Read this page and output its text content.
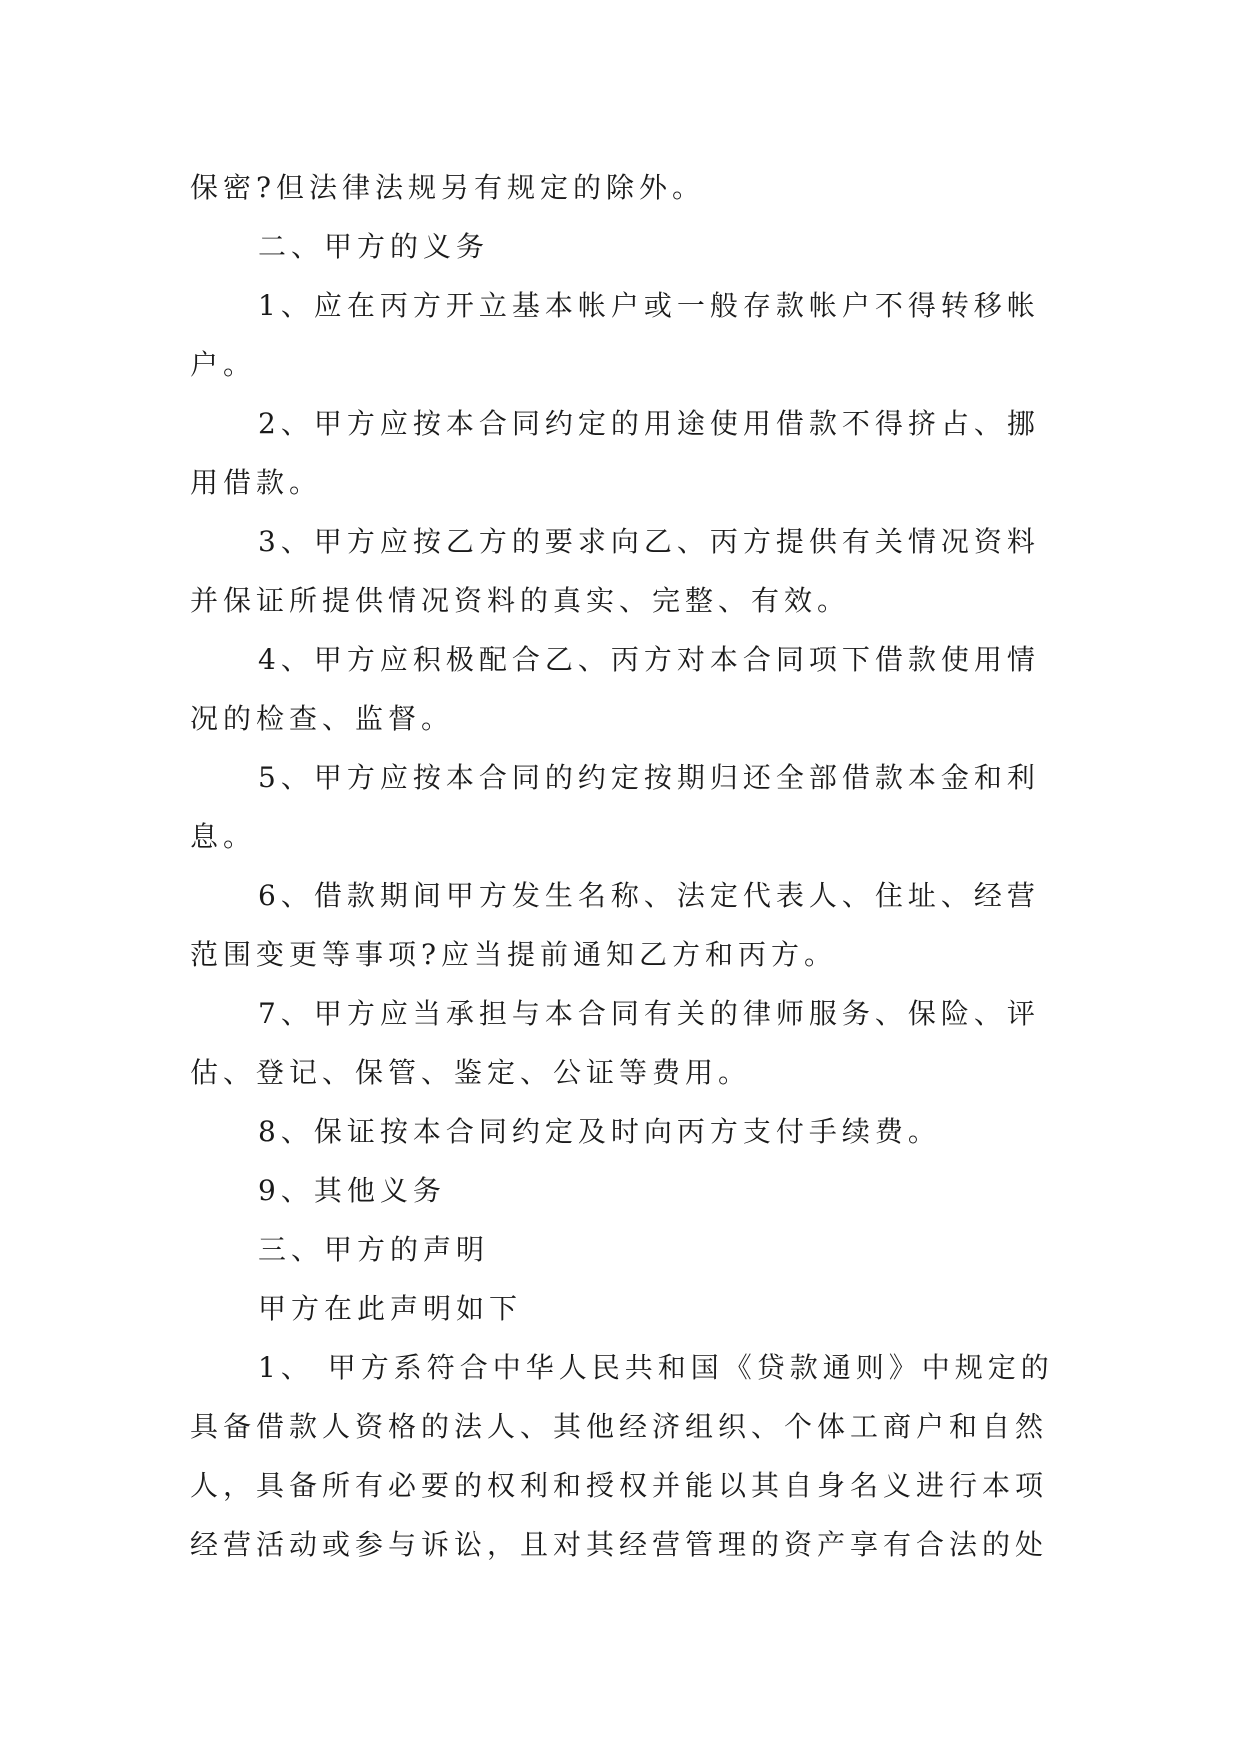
保密?但法律法规另有规定的除外。
二、甲方的义务
1、应在丙方开立基本帐户或一般存款帐户不得转移帐
户。
2、甲方应按本合同约定的用途使用借款不得挤占、挪
用借款。
3、甲方应按乙方的要求向乙、丙方提供有关情况资料
并保证所提供情况资料的真实、完整、有效。
4、甲方应积极配合乙、丙方对本合同项下借款使用情
况的检查、监督。
5、甲方应按本合同的约定按期归还全部借款本金和利
息。
6、借款期间甲方发生名称、法定代表人、住址、经营
范围变更等事项?应当提前通知乙方和丙方。
7、甲方应当承担与本合同有关的律师服务、保险、评
估、登记、保管、鉴定、公证等费用。
8、保证按本合同约定及时向丙方支付手续费。
9、其他义务
三、甲方的声明
甲方在此声明如下
1、 甲方系符合中华人民共和国《贷款通则》中规定的
具备借款人资格的法人、其他经济组织、个体工商户和自然
人，具备所有必要的权利和授权并能以其自身名义进行本项
经营活动或参与诉讼，且对其经营管理的资产享有合法的处
